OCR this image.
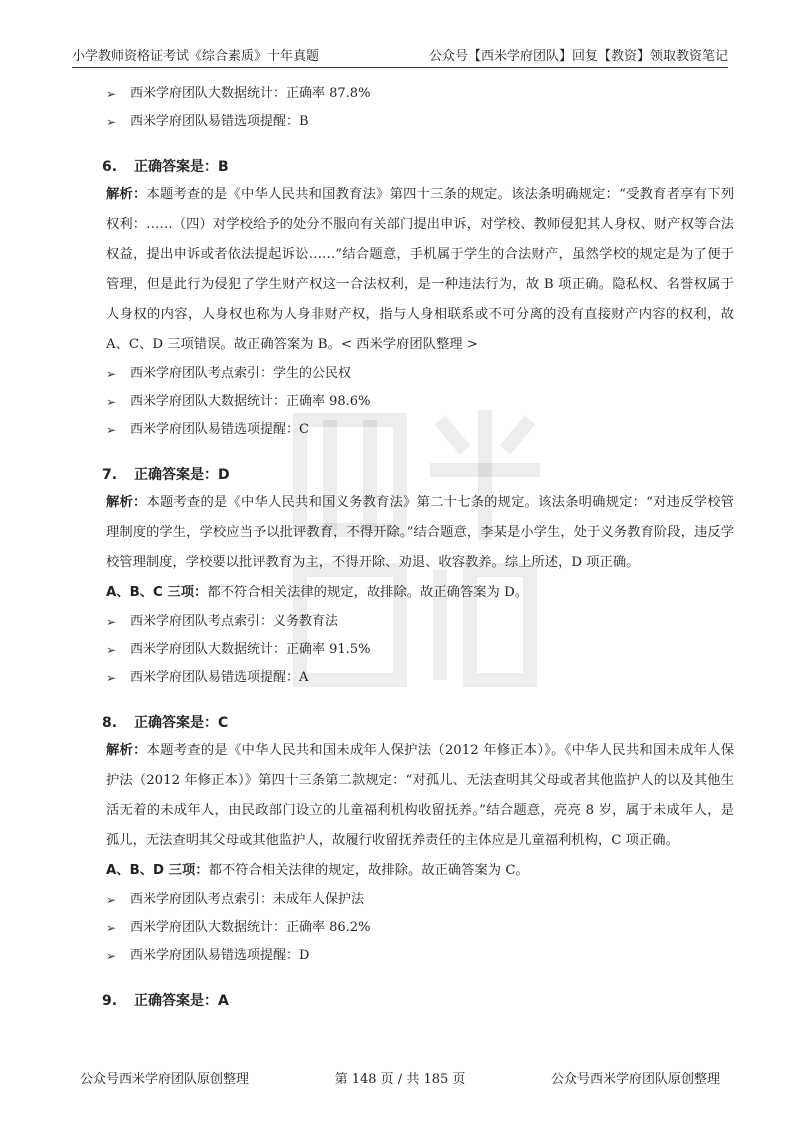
小学教师资格证考试《综合素质》十年真题	公众号【西米学府团队】回复【教资】领取教资笔记
➢ 西米学府团队大数据统计：正确率 87.8%
➢ 西米学府团队易错选项提醒：B
6. 正确答案是：B
解析：本题考查的是《中华人民共和国教育法》第四十三条的规定。该法条明确规定：“受教育者享有下列权利：……（四）对学校给予的处分不服向有关部门提出申诉，对学校、教师侵犯其人身权、财产权等合法权益，提出申诉或者依法提起诉讼……”结合题意，手机属于学生的合法财产，虽然学校的规定是为了便于管理，但是此行为侵犯了学生财产权这一合法权利，是一种违法行为，故 B 项正确。隐私权、名誉权属于人身权的内容，人身权也称为人身非财产权，指与人身相联系或不可分离的没有直接财产内容的权利，故 A、C、D 三项错误。故正确答案为 B。< 西米学府团队整理 >
➢ 西米学府团队考点索引：学生的公民权
➢ 西米学府团队大数据统计：正确率 98.6%
➢ 西米学府团队易错选项提醒：C
7. 正确答案是：D
解析：本题考查的是《中华人民共和国义务教育法》第二十七条的规定。该法条明确规定：“对违反学校管理制度的学生，学校应当予以批评教育，不得开除。”结合题意，李某是小学生，处于义务教育阶段，违反学校管理制度，学校要以批评教育为主，不得开除、劝退、收容教养。综上所述，D 项正确。
A、B、C 三项：都不符合相关法律的规定，故排除。故正确答案为 D。
➢ 西米学府团队考点索引：义务教育法
➢ 西米学府团队大数据统计：正确率 91.5%
➢ 西米学府团队易错选项提醒：A
8. 正确答案是：C
解析：本题考查的是《中华人民共和国未成年人保护法（2012 年修正本）》。《中华人民共和国未成年人保护法（2012 年修正本）》第四十三条第二款规定：“对孤儿、无法查明其父母或者其他监护人的以及其他生活无着的未成年人，由民政部门设立的儿童福利机构收留抚养。”结合题意，亮亮 8 岁，属于未成年人，是孤儿，无法查明其父母或其他监护人，故履行收留抚养责任的主体应是儿童福利机构，C 项正确。
A、B、D 三项：都不符合相关法律的规定，故排除。故正确答案为 C。
➢ 西米学府团队考点索引：未成年人保护法
➢ 西米学府团队大数据统计：正确率 86.2%
➢ 西米学府团队易错选项提醒：D
9. 正确答案是：A
公众号西米学府团队原创整理	第 148 页 / 共 185 页	公众号西米学府团队原创整理
